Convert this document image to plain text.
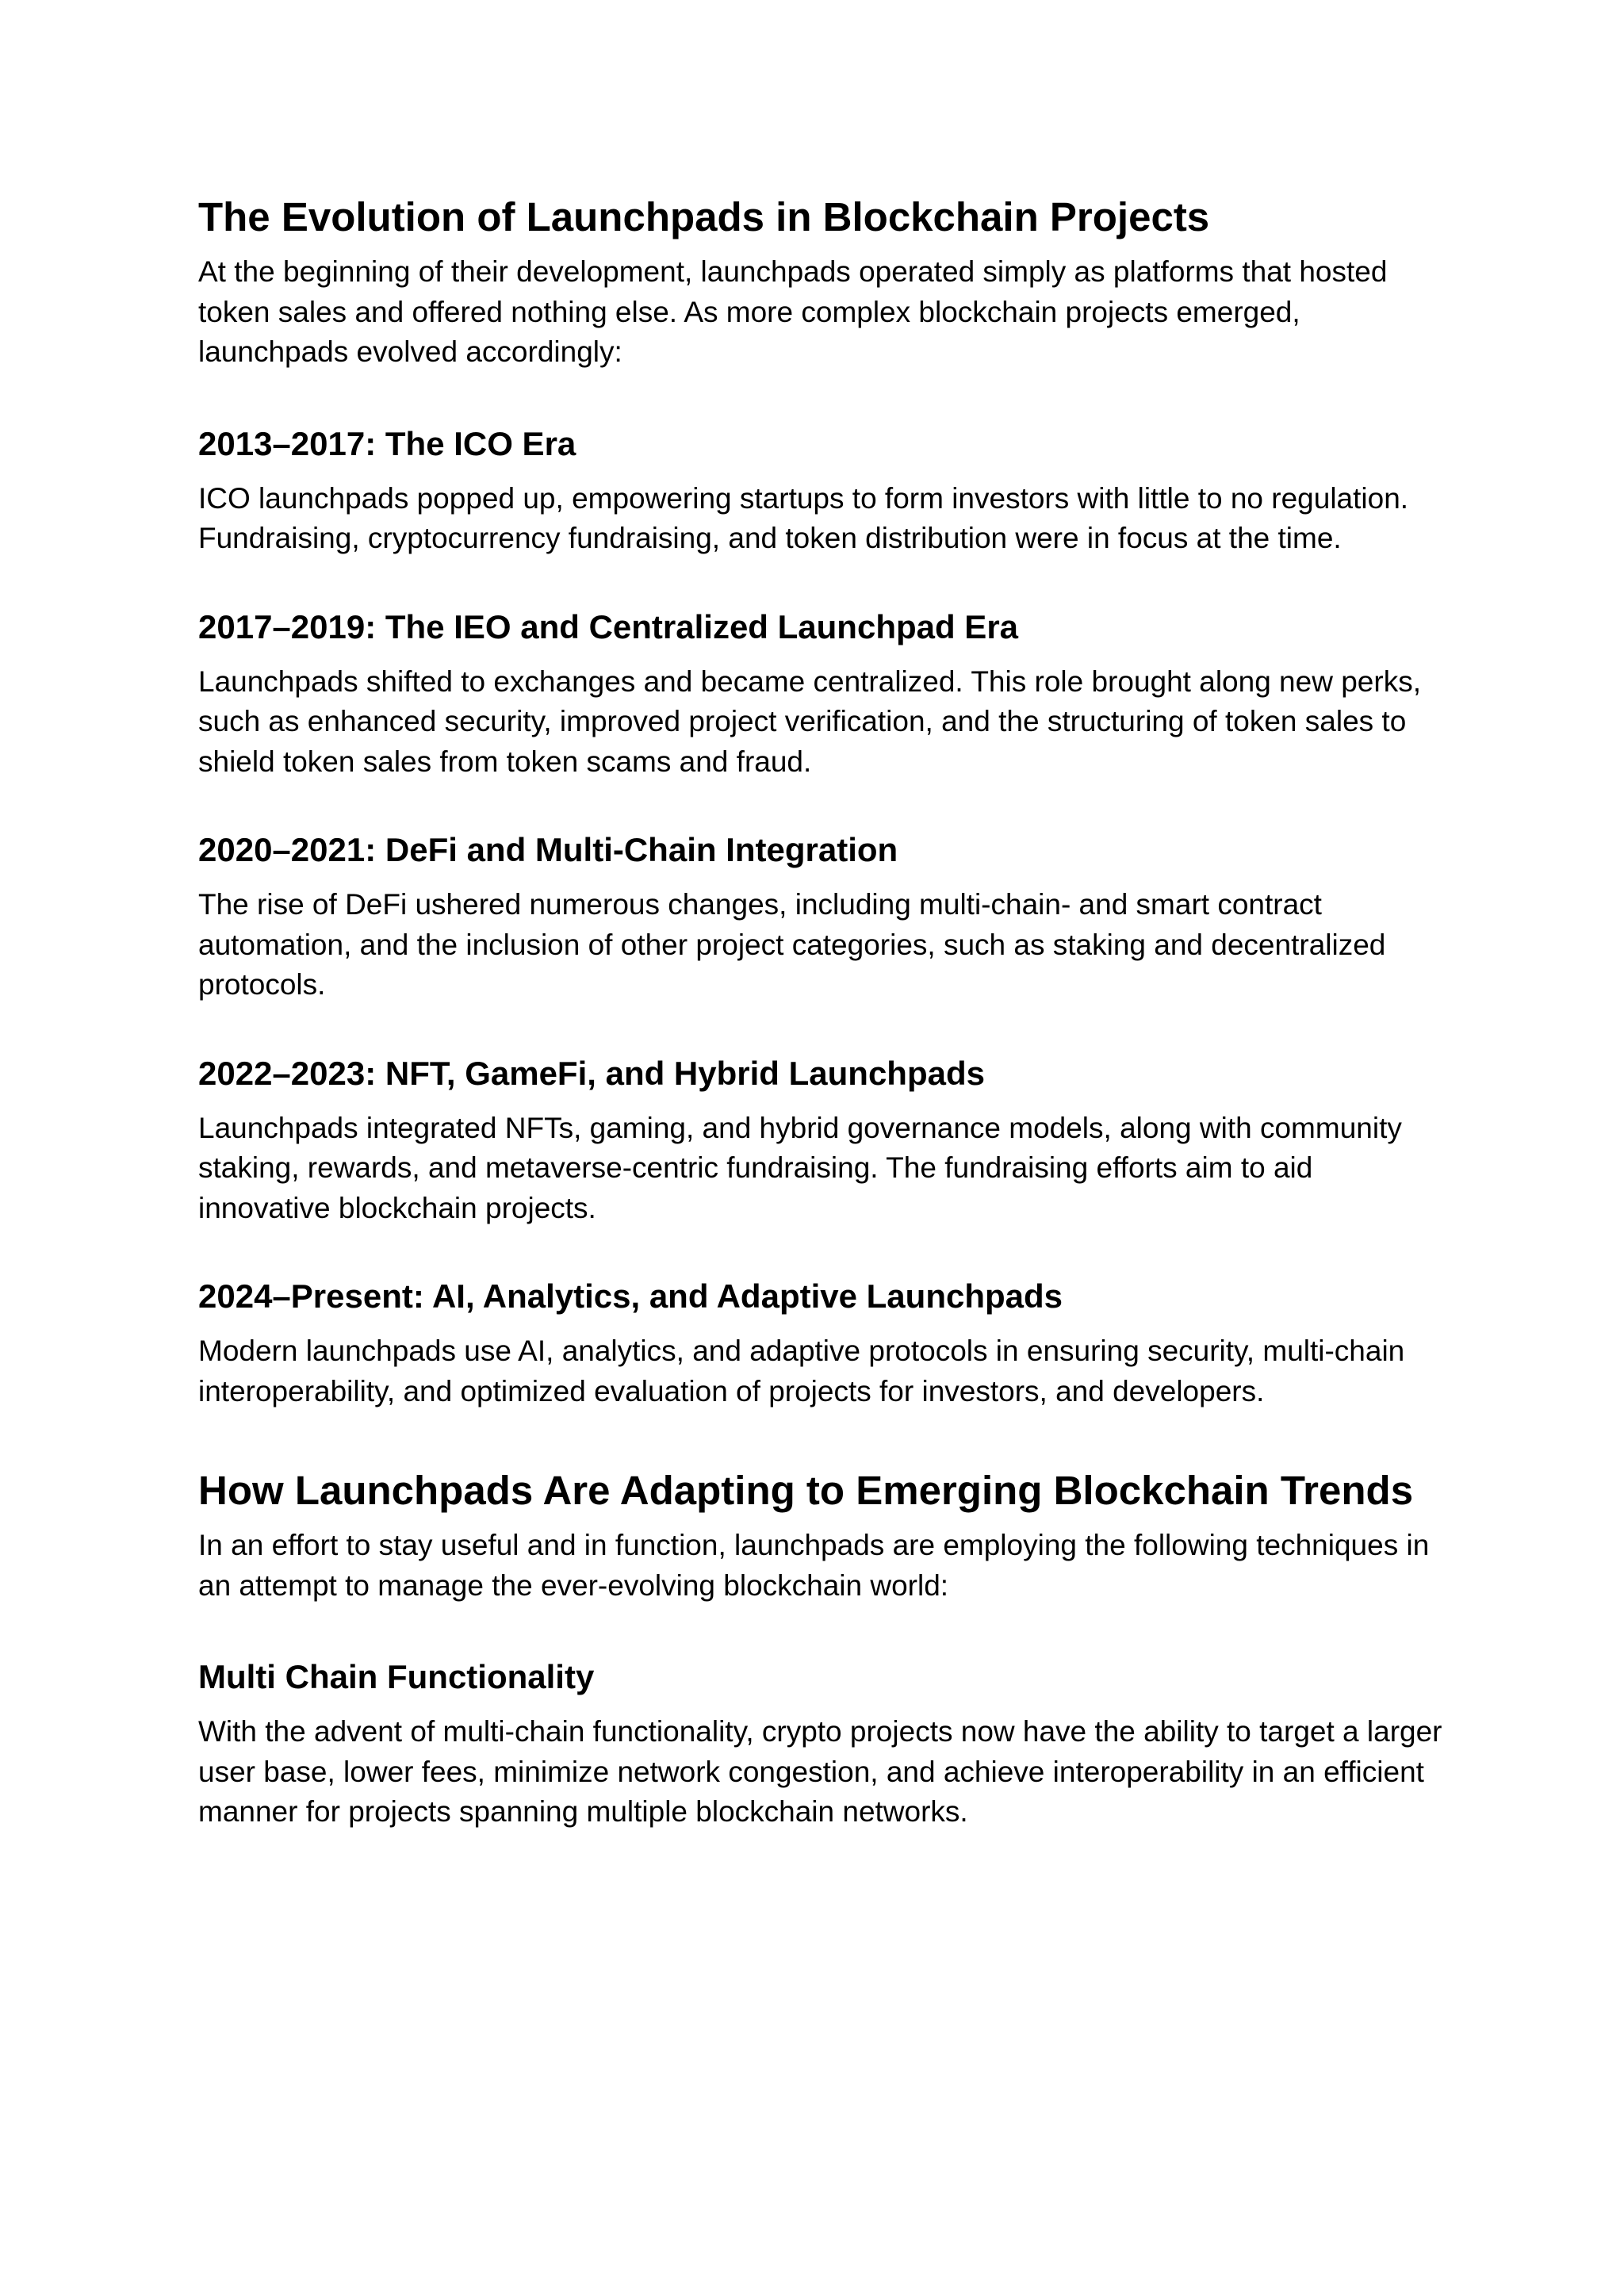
The Evolution of Launchpads in Blockchain Projects

At the beginning of their development, launchpads operated simply as platforms that hosted token sales and offered nothing else. As more complex blockchain projects emerged, launchpads evolved accordingly:

2013–2017: The ICO Era

ICO launchpads popped up, empowering startups to form investors with little to no regulation. Fundraising, cryptocurrency fundraising, and token distribution were in focus at the time.

2017–2019: The IEO and Centralized Launchpad Era

Launchpads shifted to exchanges and became centralized. This role brought along new perks, such as enhanced security, improved project verification, and the structuring of token sales to shield token sales from token scams and fraud.

2020–2021: DeFi and Multi-Chain Integration

The rise of DeFi ushered numerous changes, including multi-chain- and smart contract automation, and the inclusion of other project categories, such as staking and decentralized protocols.

2022–2023: NFT, GameFi, and Hybrid Launchpads

Launchpads integrated NFTs, gaming, and hybrid governance models, along with community staking, rewards, and metaverse-centric fundraising. The fundraising efforts aim to aid innovative blockchain projects.

2024–Present: AI, Analytics, and Adaptive Launchpads

Modern launchpads use AI, analytics, and adaptive protocols in ensuring security, multi-chain interoperability, and optimized evaluation of projects for investors, and developers.

How Launchpads Are Adapting to Emerging Blockchain Trends

In an effort to stay useful and in function, launchpads are employing the following techniques in an attempt to manage the ever-evolving blockchain world:

Multi Chain Functionality

With the advent of multi-chain functionality, crypto projects now have the ability to target a larger user base, lower fees, minimize network congestion, and achieve interoperability in an efficient manner for projects spanning multiple blockchain networks.
